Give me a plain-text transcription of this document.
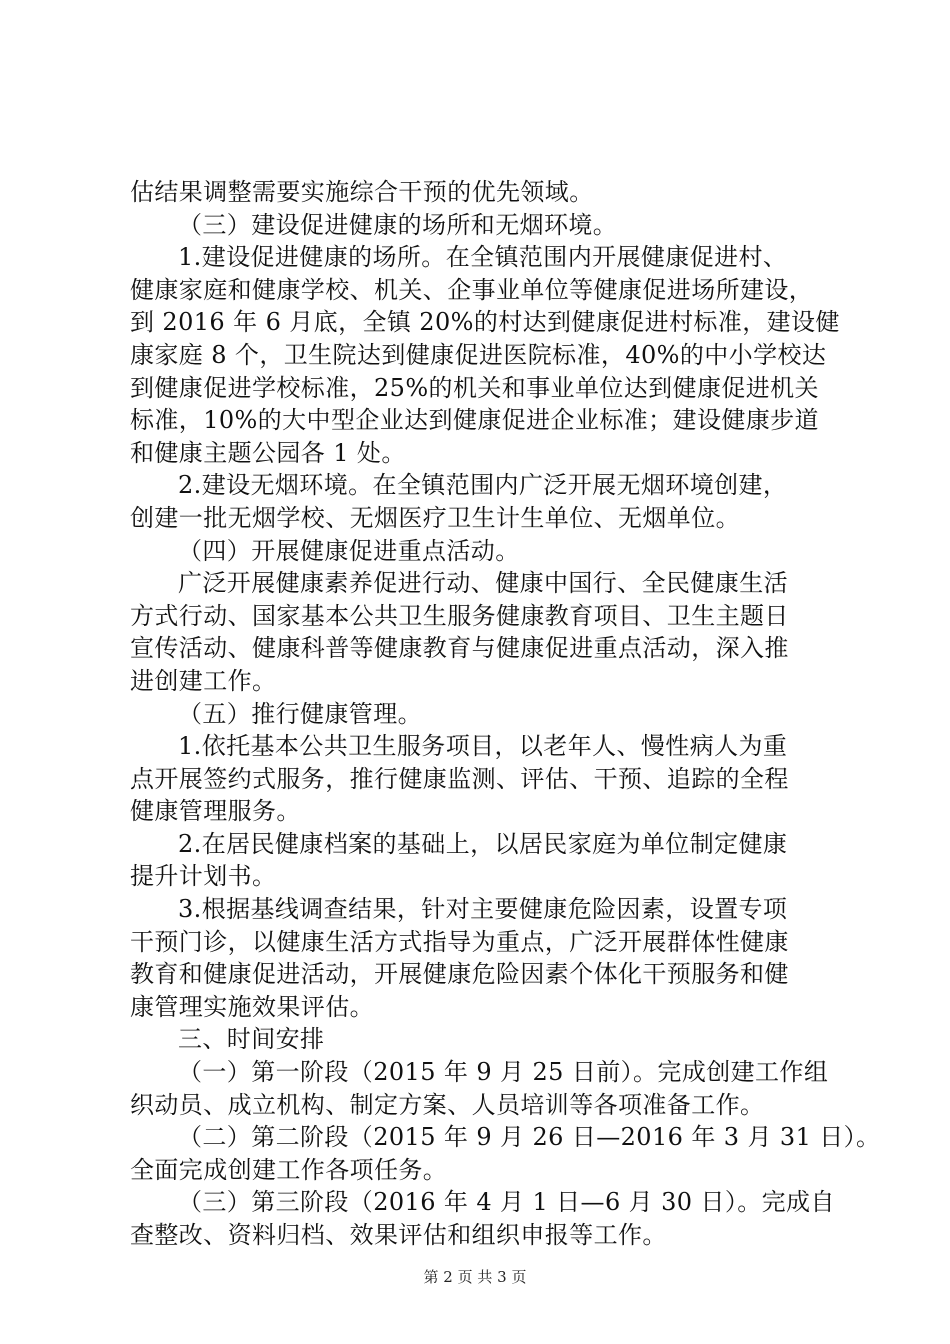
估结果调整需要实施综合干预的优先领域。
（三）建设促进健康的场所和无烟环境。
1.建设促进健康的场所。在全镇范围内开展健康促进村、
健康家庭和健康学校、机关、企事业单位等健康促进场所建设，
到 2016 年 6 月底，全镇 20%的村达到健康促进村标准，建设健
康家庭 8 个，卫生院达到健康促进医院标准，40%的中小学校达
到健康促进学校标准，25%的机关和事业单位达到健康促进机关
标准，10%的大中型企业达到健康促进企业标准；建设健康步道
和健康主题公园各 1 处。
2.建设无烟环境。在全镇范围内广泛开展无烟环境创建，
创建一批无烟学校、无烟医疗卫生计生单位、无烟单位。
（四）开展健康促进重点活动。
广泛开展健康素养促进行动、健康中国行、全民健康生活
方式行动、国家基本公共卫生服务健康教育项目、卫生主题日
宣传活动、健康科普等健康教育与健康促进重点活动，深入推
进创建工作。
（五）推行健康管理。
1.依托基本公共卫生服务项目，以老年人、慢性病人为重
点开展签约式服务，推行健康监测、评估、干预、追踪的全程
健康管理服务。
2.在居民健康档案的基础上，以居民家庭为单位制定健康
提升计划书。
3.根据基线调查结果，针对主要健康危险因素，设置专项
干预门诊，以健康生活方式指导为重点，广泛开展群体性健康
教育和健康促进活动，开展健康危险因素个体化干预服务和健
康管理实施效果评估。
三、时间安排
（一）第一阶段（2015 年 9 月 25 日前）。完成创建工作组
织动员、成立机构、制定方案、人员培训等各项准备工作。
（二）第二阶段（2015 年 9 月 26 日—2016 年 3 月 31 日）。
全面完成创建工作各项任务。
（三）第三阶段（2016 年 4 月 1 日—6 月 30 日）。完成自
查整改、资料归档、效果评估和组织申报等工作。
第 2 页 共 3 页
